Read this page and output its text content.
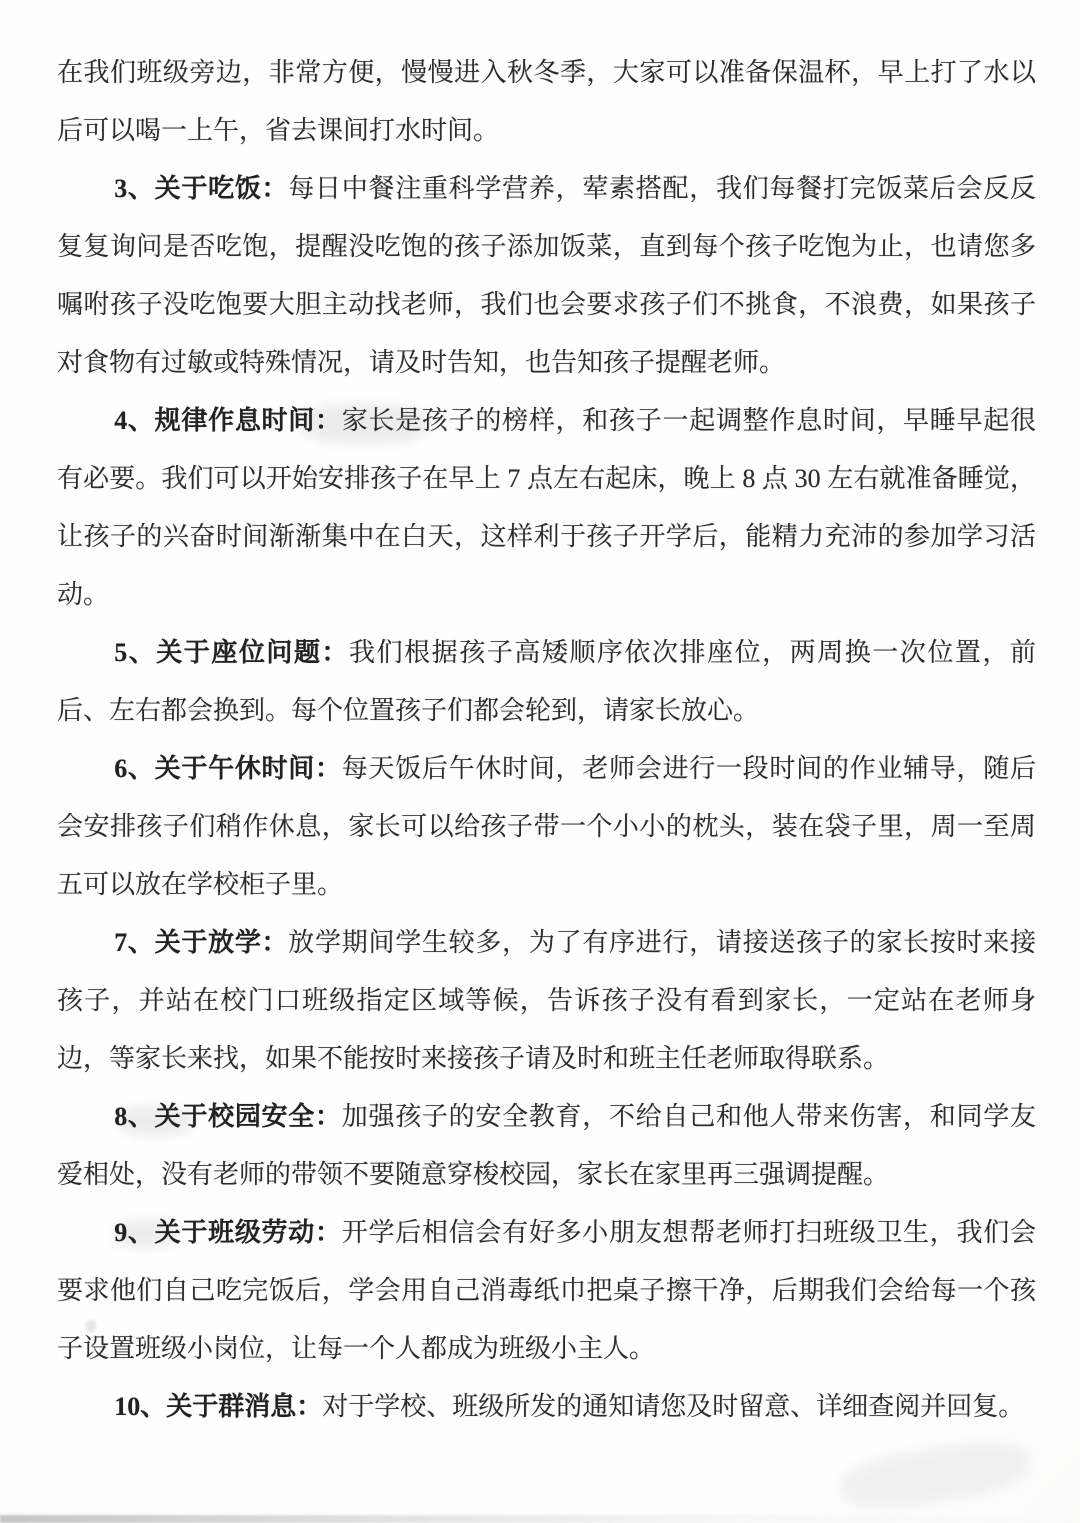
在我们班级旁边，非常方便，慢慢进入秋冬季，大家可以准备保温杯，早上打了水以后可以喝一上午，省去课间打水时间。

3、关于吃饭：每日中餐注重科学营养，荤素搭配，我们每餐打完饭菜后会反反复复询问是否吃饱，提醒没吃饱的孩子添加饭菜，直到每个孩子吃饱为止，也请您多嘱咐孩子没吃饱要大胆主动找老师，我们也会要求孩子们不挑食，不浪费，如果孩子对食物有过敏或特殊情况，请及时告知，也告知孩子提醒老师。

4、规律作息时间：家长是孩子的榜样，和孩子一起调整作息时间，早睡早起很有必要。我们可以开始安排孩子在早上 7 点左右起床，晚上 8 点 30 左右就准备睡觉，让孩子的兴奋时间渐渐集中在白天，这样利于孩子开学后，能精力充沛的参加学习活动。

5、关于座位问题：我们根据孩子高矮顺序依次排座位，两周换一次位置，前后、左右都会换到。每个位置孩子们都会轮到，请家长放心。

6、关于午休时间：每天饭后午休时间，老师会进行一段时间的作业辅导，随后会安排孩子们稍作休息，家长可以给孩子带一个小小的枕头，装在袋子里，周一至周五可以放在学校柜子里。

7、关于放学：放学期间学生较多，为了有序进行，请接送孩子的家长按时来接孩子，并站在校门口班级指定区域等候，告诉孩子没有看到家长，一定站在老师身边，等家长来找，如果不能按时来接孩子请及时和班主任老师取得联系。

8、关于校园安全：加强孩子的安全教育，不给自己和他人带来伤害，和同学友爱相处，没有老师的带领不要随意穿梭校园，家长在家里再三强调提醒。

9、关于班级劳动：开学后相信会有好多小朋友想帮老师打扫班级卫生，我们会要求他们自己吃完饭后，学会用自己消毒纸巾把桌子擦干净，后期我们会给每一个孩子设置班级小岗位，让每一个人都成为班级小主人。

10、关于群消息：对于学校、班级所发的通知请您及时留意、详细查阅并回复。
